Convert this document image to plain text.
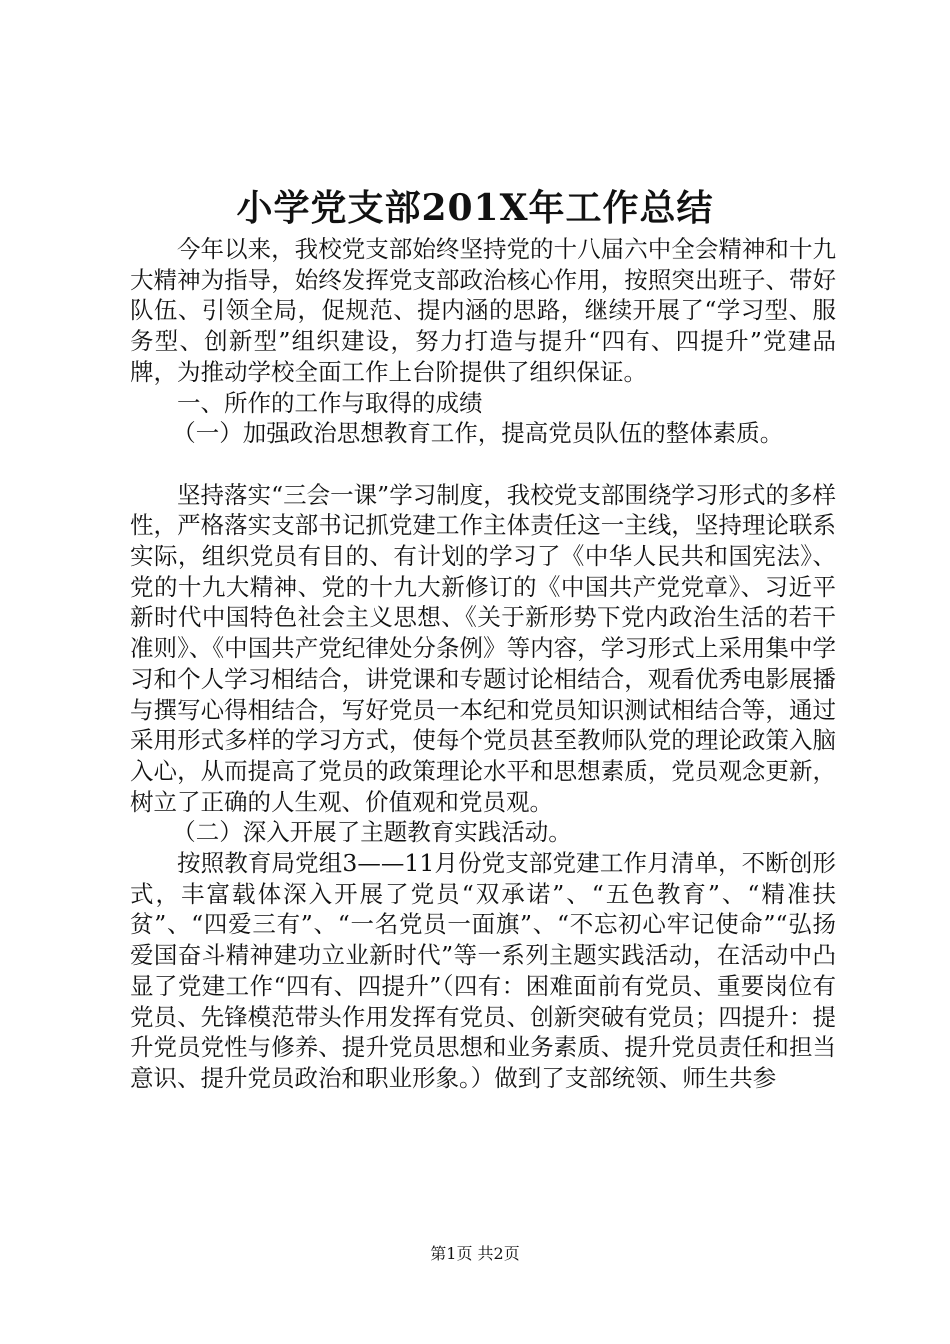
小学党支部201X年工作总结

今年以来，我校党支部始终坚持党的十八届六中全会精神和十九大精神为指导，始终发挥党支部政治核心作用，按照突出班子、带好队伍、引领全局，促规范、提内涵的思路，继续开展了“学习型、服务型、创新型”组织建设，努力打造与提升“四有、四提升”党建品牌，为推动学校全面工作上台阶提供了组织保证。

一、所作的工作与取得的成绩

（一）加强政治思想教育工作，提高党员队伍的整体素质。

坚持落实“三会一课”学习制度，我校党支部围绕学习形式的多样性，严格落实支部书记抓党建工作主体责任这一主线，坚持理论联系实际，组织党员有目的、有计划的学习了《中华人民共和国宪法》、党的十九大精神、党的十九大新修订的《中国共产党党章》、习近平新时代中国特色社会主义思想、《关于新形势下党内政治生活的若干准则》、《中国共产党纪律处分条例》等内容，学习形式上采用集中学习和个人学习相结合，讲党课和专题讨论相结合，观看优秀电影展播与撰写心得相结合，写好党员一本纪和党员知识测试相结合等，通过采用形式多样的学习方式，使每个党员甚至教师队党的理论政策入脑入心，从而提高了党员的政策理论水平和思想素质，党员观念更新，树立了正确的人生观、价值观和党员观。

（二）深入开展了主题教育实践活动。

按照教育局党组3——11月份党支部党建工作月清单，不断创形式，丰富载体深入开展了党员“双承诺”、“五色教育”、“精准扶贫”、“四爱三有”、“一名党员一面旗”、“不忘初心牢记使命”“弘扬爱国奋斗精神建功立业新时代”等一系列主题实践活动，在活动中凸显了党建工作“四有、四提升”（四有：困难面前有党员、重要岗位有党员、先锋模范带头作用发挥有党员、创新突破有党员；四提升：提升党员党性与修养、提升党员思想和业务素质、提升党员责任和担当意识、提升党员政治和职业形象。）做到了支部统领、师生共参

第1页 共2页
